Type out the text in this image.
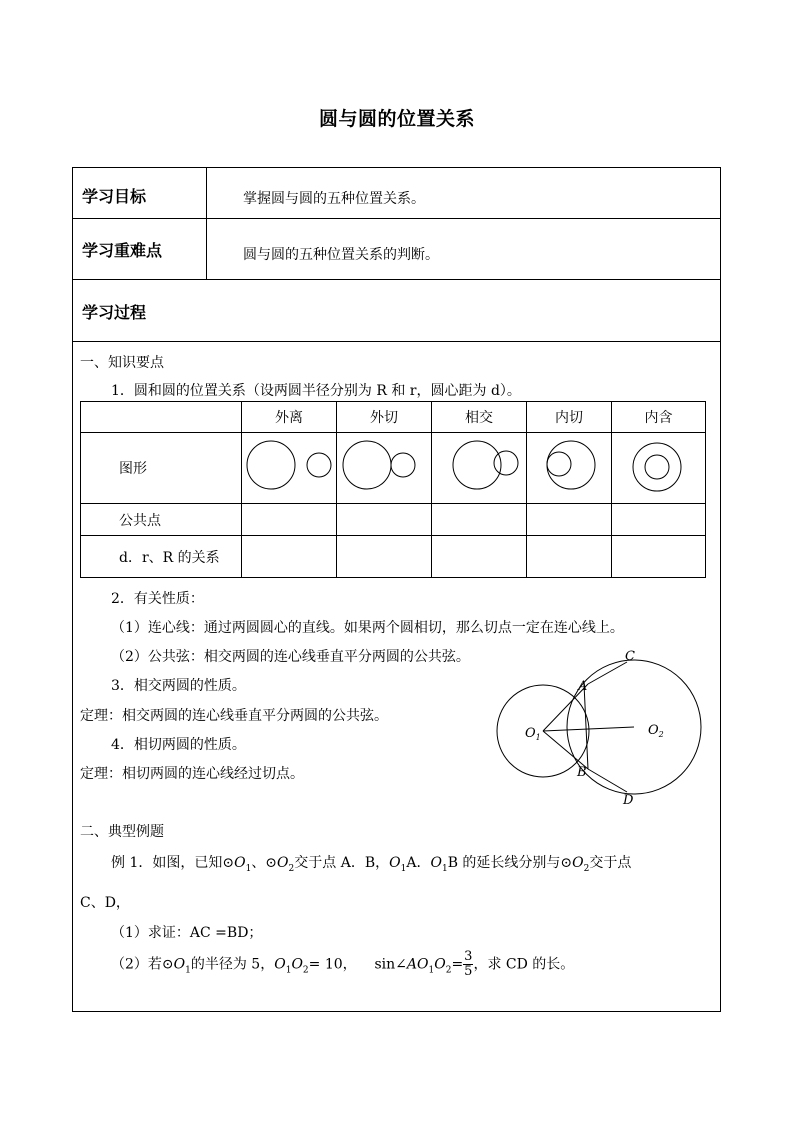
圆与圆的位置关系
学习目标	掌握圆与圆的五种位置关系。
学习重难点	圆与圆的五种位置关系的判断。
学习过程
一、知识要点
1．圆和圆的位置关系（设两圆半径分别为 R 和 r，圆心距为 d）。
	外离	外切	相交	内切	内含
图形					
公共点					
d．r、R 的关系					
2．有关性质：
（1）连心线：通过两圆圆心的直线。如果两个圆相切，那么切点一定在连心线上。
（2）公共弦：相交两圆的连心线垂直平分两圆的公共弦。
3．相交两圆的性质。
定理：相交两圆的连心线垂直平分两圆的公共弦。
4．相切两圆的性质。
定理：相切两圆的连心线经过切点。
C
A
$O_1$	$O_2$
B
D
二、典型例题
例 1．如图，已知$⊙O_1$、$⊙O_2$交于点 A．B，$O_1A$．$O_1B$ 的延长线分别与$⊙O_2$交于点
C、D，
（1）求证：AC =BD；
（2）若$⊙O_1$的半径为 5，$O_1O_2= 10$， $\sin\angle AO_1O_2= \frac{3}{5}$ ，求 CD 的长。
